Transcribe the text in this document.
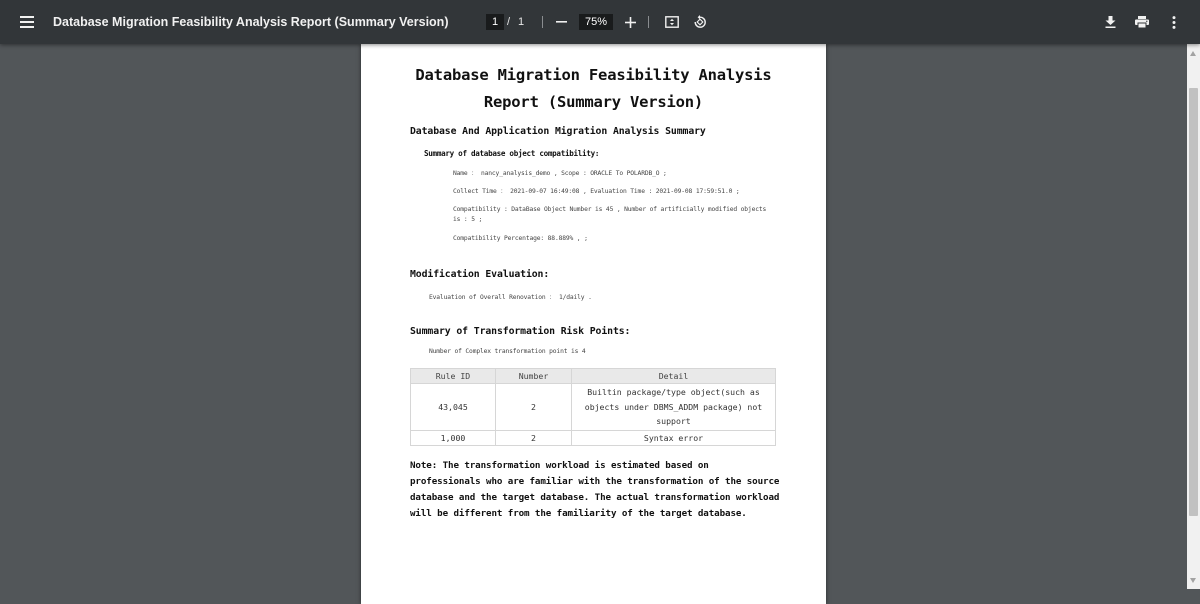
Database Migration Feasibility Analysis Report (Summary Version)	1 / 1	75%
Database Migration Feasibility Analysis
Report (Summary Version)
Database And Application Migration Analysis Summary
Summary of database object compatibility:
Name ： nancy_analysis_demo , Scope : ORACLE To POLARDB_O ;
Collect Time ： 2021-09-07 16:49:08 , Evaluation Time : 2021-09-08 17:59:51.0 ;
Compatibility : DataBase Object Number is 45 , Number of artificially modified objects is : 5 ;
Compatibility Percentage: 88.889% , ;
Modification Evaluation:
Evaluation of Overall Renovation ： 1/daily .
Summary of Transformation Risk Points:
Number of Complex transformation point is 4
Rule ID	Number	Detail
43,045	2	Builtin package/type object(such as objects under DBMS_ADDM package) not support
1,000	2	Syntax error
Note: The transformation workload is estimated based on professionals who are familiar with the transformation of the source database and the target database. The actual transformation workload will be different from the familiarity of the target database.
